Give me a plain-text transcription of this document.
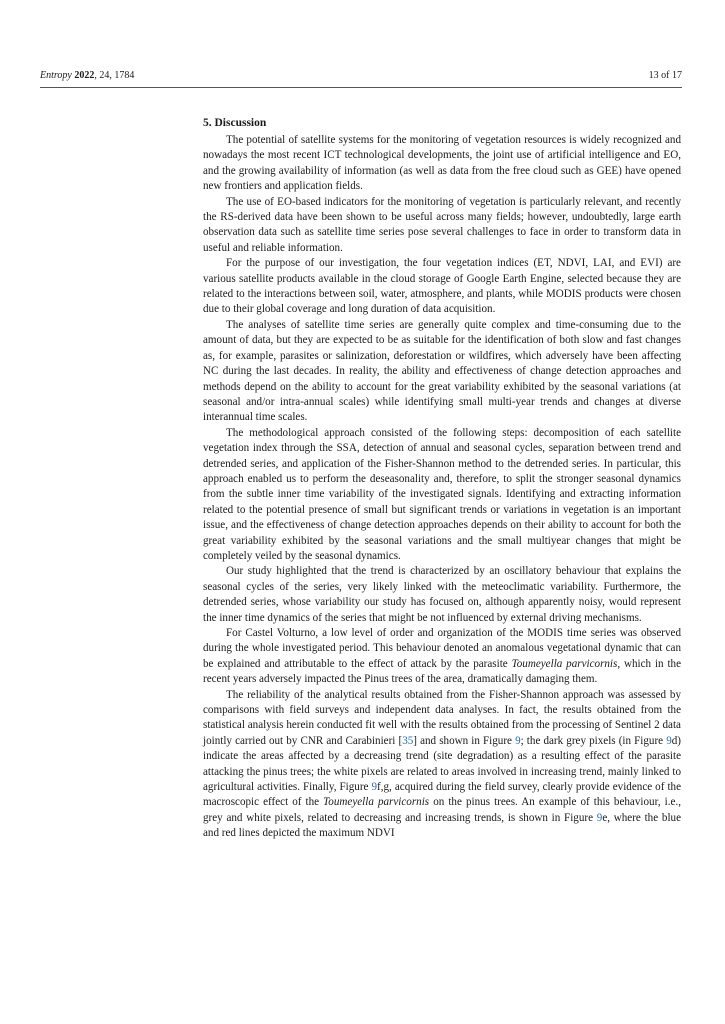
Entropy 2022, 24, 1784	13 of 17
5. Discussion

The potential of satellite systems for the monitoring of vegetation resources is widely recognized and nowadays the most recent ICT technological developments, the joint use of artificial intelligence and EO, and the growing availability of information (as well as data from the free cloud such as GEE) have opened new frontiers and application fields.

The use of EO-based indicators for the monitoring of vegetation is particularly relevant, and recently the RS-derived data have been shown to be useful across many fields; however, undoubtedly, large earth observation data such as satellite time series pose several challenges to face in order to transform data in useful and reliable information.

For the purpose of our investigation, the four vegetation indices (ET, NDVI, LAI, and EVI) are various satellite products available in the cloud storage of Google Earth Engine, selected because they are related to the interactions between soil, water, atmosphere, and plants, while MODIS products were chosen due to their global coverage and long duration of data acquisition.

The analyses of satellite time series are generally quite complex and time-consuming due to the amount of data, but they are expected to be as suitable for the identification of both slow and fast changes as, for example, parasites or salinization, deforestation or wildfires, which adversely have been affecting NC during the last decades. In reality, the ability and effectiveness of change detection approaches and methods depend on the ability to account for the great variability exhibited by the seasonal variations (at seasonal and/or intra-annual scales) while identifying small multi-year trends and changes at diverse interannual time scales.

The methodological approach consisted of the following steps: decomposition of each satellite vegetation index through the SSA, detection of annual and seasonal cycles, separation between trend and detrended series, and application of the Fisher-Shannon method to the detrended series. In particular, this approach enabled us to perform the deseasonality and, therefore, to split the stronger seasonal dynamics from the subtle inner time variability of the investigated signals. Identifying and extracting information related to the potential presence of small but significant trends or variations in vegetation is an important issue, and the effectiveness of change detection approaches depends on their ability to account for both the great variability exhibited by the seasonal variations and the small multiyear changes that might be completely veiled by the seasonal dynamics.

Our study highlighted that the trend is characterized by an oscillatory behaviour that explains the seasonal cycles of the series, very likely linked with the meteoclimatic variability. Furthermore, the detrended series, whose variability our study has focused on, although apparently noisy, would represent the inner time dynamics of the series that might be not influenced by external driving mechanisms.

For Castel Volturno, a low level of order and organization of the MODIS time series was observed during the whole investigated period. This behaviour denoted an anomalous vegetational dynamic that can be explained and attributable to the effect of attack by the parasite Toumeyella parvicornis, which in the recent years adversely impacted the Pinus trees of the area, dramatically damaging them.

The reliability of the analytical results obtained from the Fisher-Shannon approach was assessed by comparisons with field surveys and independent data analyses. In fact, the results obtained from the statistical analysis herein conducted fit well with the results obtained from the processing of Sentinel 2 data jointly carried out by CNR and Carabinieri [35] and shown in Figure 9; the dark grey pixels (in Figure 9d) indicate the areas affected by a decreasing trend (site degradation) as a resulting effect of the parasite attacking the pinus trees; the white pixels are related to areas involved in increasing trend, mainly linked to agricultural activities. Finally, Figure 9f,g, acquired during the field survey, clearly provide evidence of the macroscopic effect of the Toumeyella parvicornis on the pinus trees. An example of this behaviour, i.e., grey and white pixels, related to decreasing and increasing trends, is shown in Figure 9e, where the blue and red lines depicted the maximum NDVI
